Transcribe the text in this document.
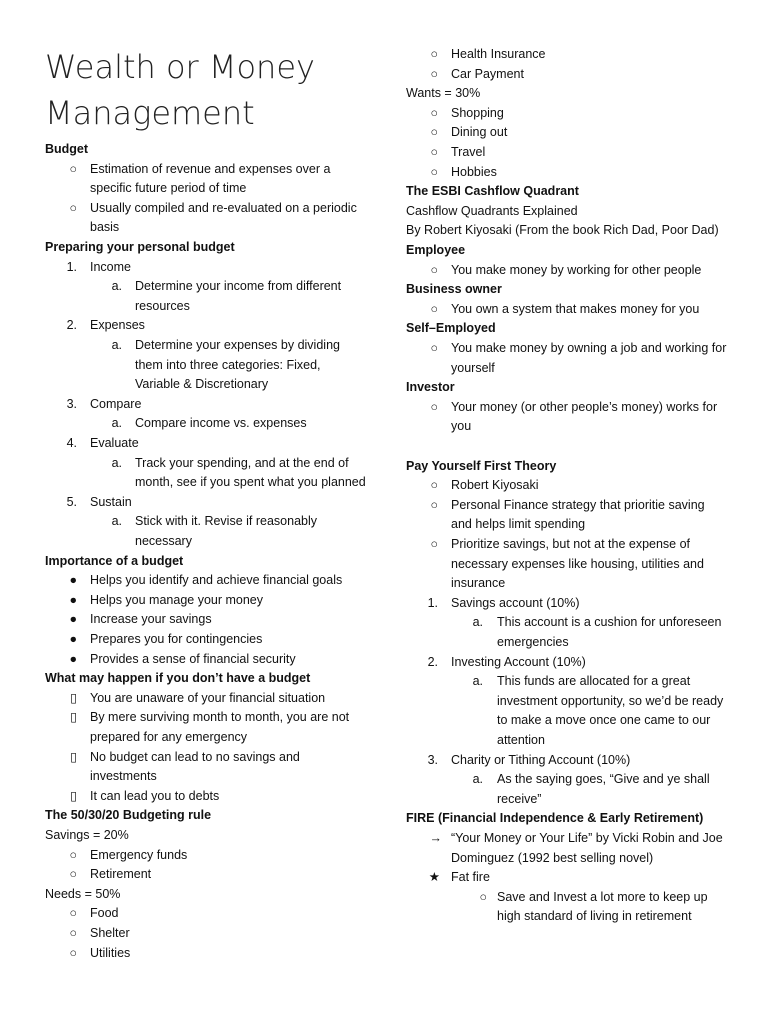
Wealth or Money Management
Budget
○ Estimation of revenue and expenses over a
specific future period of time
○ Usually compiled and re-evaluated on a periodic
basis
Preparing your personal budget
1. Income
a. Determine your income from different
resources
2. Expenses
a. Determine your expenses by dividing
them into three categories: Fixed,
Variable & Discretionary
3. Compare
a. Compare income vs. expenses
4. Evaluate
a. Track your spending, and at the end of
month, see if you spent what you planned
5. Sustain
a. Stick with it. Revise if reasonably
necessary
Importance of a budget
● Helps you identify and achieve financial goals
● Helps you manage your money
● Increase your savings
● Prepares you for contingencies
● Provides a sense of financial security
What may happen if you don’t have a budget
▯ You are unaware of your financial situation
▯ By mere surviving month to month, you are not
prepared for any emergency
▯ No budget can lead to no savings and
investments
▯ It can lead you to debts
The 50/30/20 Budgeting rule
Savings = 20%
○ Emergency funds
○ Retirement
Needs = 50%
○ Food
○ Shelter
○ Utilities
○ Health Insurance
○ Car Payment
Wants = 30%
○ Shopping
○ Dining out
○ Travel
○ Hobbies
The ESBI Cashflow Quadrant
Cashflow Quadrants Explained
By Robert Kiyosaki (From the book Rich Dad, Poor Dad)
Employee
○ You make money by working for other people
Business owner
○ You own a system that makes money for you
Self–Employed
○ You make money by owning a job and working for
yourself
Investor
○ Your money (or other people’s money) works for
you
Pay Yourself First Theory
○ Robert Kiyosaki
○ Personal Finance strategy that prioritie saving
and helps limit spending
○ Prioritize savings, but not at the expense of
necessary expenses like housing, utilities and
insurance
1. Savings account (10%)
a. This account is a cushion for unforeseen
emergencies
2. Investing Account (10%)
a. This funds are allocated for a great
investment opportunity, so we’d be ready
to make a move once one came to our
attention
3. Charity or Tithing Account (10%)
a. As the saying goes, “Give and ye shall
receive”
FIRE (Financial Independence & Early Retirement)
→ “Your Money or Your Life” by Vicki Robin and Joe
Dominguez (1992 best selling novel)
★ Fat fire
○ Save and Invest a lot more to keep up
high standard of living in retirement
